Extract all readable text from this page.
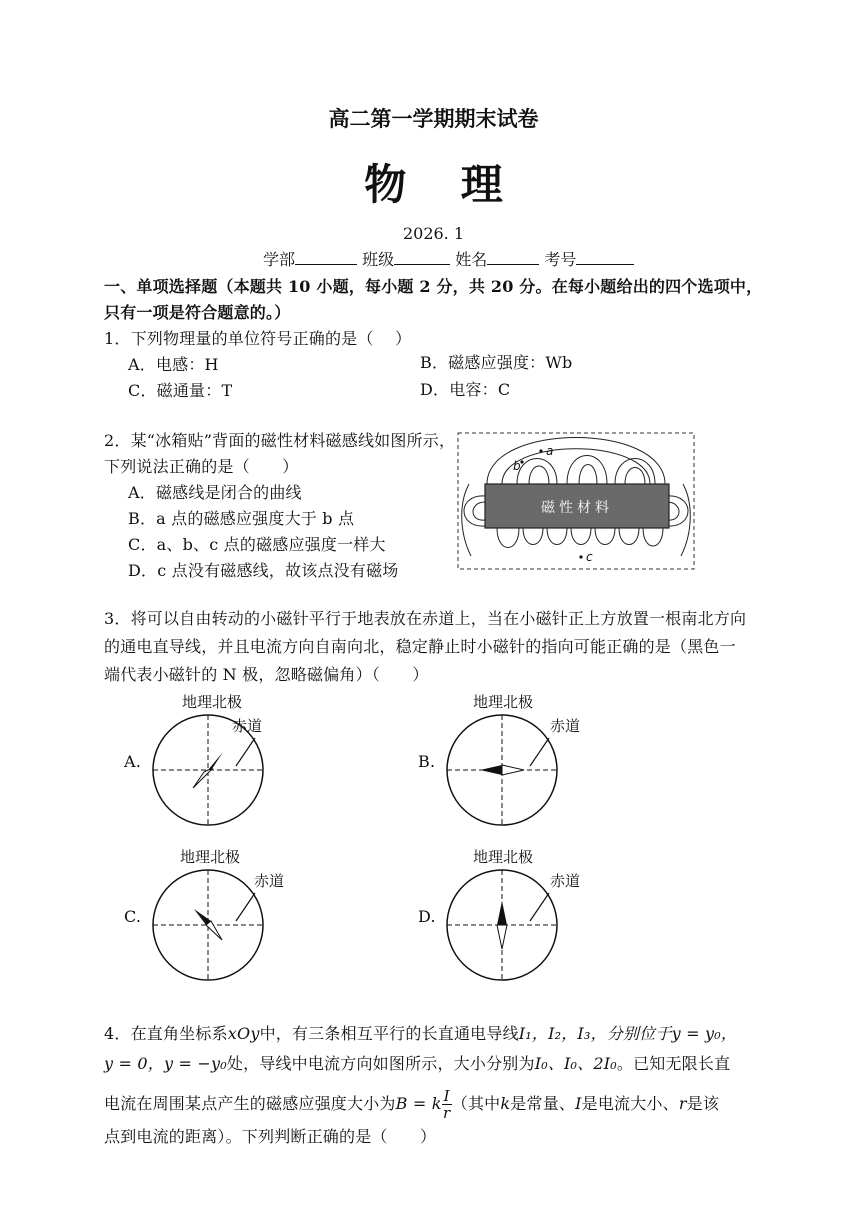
高二第一学期期末试卷
物 理
2026. 1
学部	班级	姓名	考号
一、单项选择题（本题共 10 小题，每小题 2 分，共 20 分。在每小题给出的四个选项中，
只有一项是符合题意的。）
1．下列物理量的单位符号正确的是（　 ）
A．电感：H	B．磁感应强度：Wb
C．磁通量：T	D．电容：C
2．某“冰箱贴”背面的磁性材料磁感线如图所示，
下列说法正确的是（　　）
A．磁感线是闭合的曲线
B．a 点的磁感应强度大于 b 点
C．a、b、c 点的磁感应强度一样大
D．c 点没有磁感线，故该点没有磁场
磁性材料
a
b
c
3．将可以自由转动的小磁针平行于地表放在赤道上，当在小磁针正上方放置一根南北方向
的通电直导线，并且电流方向自南向北，稳定静止时小磁针的指向可能正确的是（黑色一
端代表小磁针的 N 极，忽略磁偏角）（　　）
A.
地理北极
赤道
B.
地理北极
赤道
C.
地理北极
赤道
D.
地理北极
赤道
4．在直角坐标系xOy中，有三条相互平行的长直通电导线I₁，I₂，I₃，分别位于y = y₀，
y = 0，y = −y₀处，导线中电流方向如图所示，大小分别为I₀、I₀、2I₀。已知无限长直
电流在周围某点产生的磁感应强度大小为B = k $\frac{I}{r}$ （其中k是常量、I是电流大小、r是该
点到电流的距离）。下列判断正确的是（　　）
